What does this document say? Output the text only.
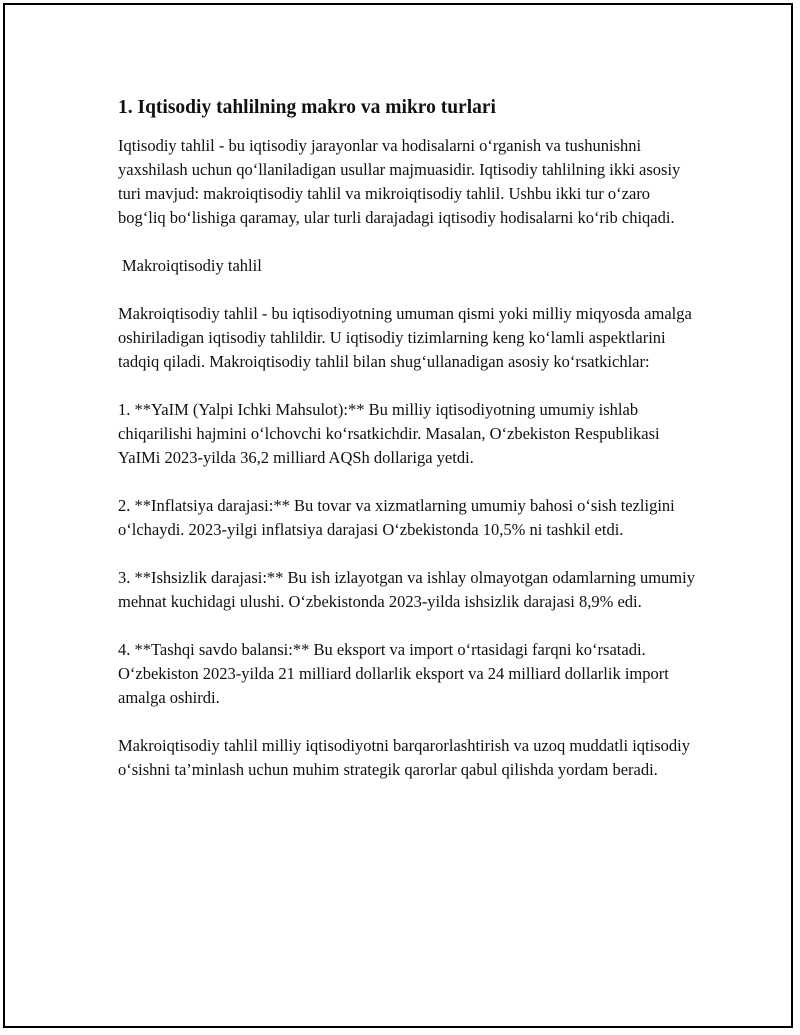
1. Iqtisodiy tahlilning makro va mikro turlari

Iqtisodiy tahlil - bu iqtisodiy jarayonlar va hodisalarni o‘rganish va tushunishni yaxshilash uchun qo‘llaniladigan usullar majmuasidir. Iqtisodiy tahlilning ikki asosiy turi mavjud: makroiqtisodiy tahlil va mikroiqtisodiy tahlil. Ushbu ikki tur o‘zaro bog‘liq bo‘lishiga qaramay, ular turli darajadagi iqtisodiy hodisalarni ko‘rib chiqadi.

Makroiqtisodiy tahlil

Makroiqtisodiy tahlil - bu iqtisodiyotning umuman qismi yoki milliy miqyosda amalga oshiriladigan iqtisodiy tahlildir. U iqtisodiy tizimlarning keng ko‘lamli aspektlarini tadqiq qiladi. Makroiqtisodiy tahlil bilan shug‘ullanadigan asosiy ko‘rsatkichlar:

1. **YaIM (Yalpi Ichki Mahsulot):** Bu milliy iqtisodiyotning umumiy ishlab chiqarilishi hajmini o‘lchovchi ko‘rsatkichdir. Masalan, O‘zbekiston Respublikasi YaIMi 2023-yilda 36,2 milliard AQSh dollariga yetdi.

2. **Inflatsiya darajasi:** Bu tovar va xizmatlarning umumiy bahosi o‘sish tezligini o‘lchaydi. 2023-yilgi inflatsiya darajasi O‘zbekistonda 10,5% ni tashkil etdi.

3. **Ishsizlik darajasi:** Bu ish izlayotgan va ishlay olmayotgan odamlarning umumiy mehnat kuchidagi ulushi. O‘zbekistonda 2023-yilda ishsizlik darajasi 8,9% edi.

4. **Tashqi savdo balansi:** Bu eksport va import o‘rtasidagi farqni ko‘rsatadi. O‘zbekiston 2023-yilda 21 milliard dollarlik eksport va 24 milliard dollarlik import amalga oshirdi.

Makroiqtisodiy tahlil milliy iqtisodiyotni barqarorlashtirish va uzoq muddatli iqtisodiy o‘sishni ta’minlash uchun muhim strategik qarorlar qabul qilishda yordam beradi.
